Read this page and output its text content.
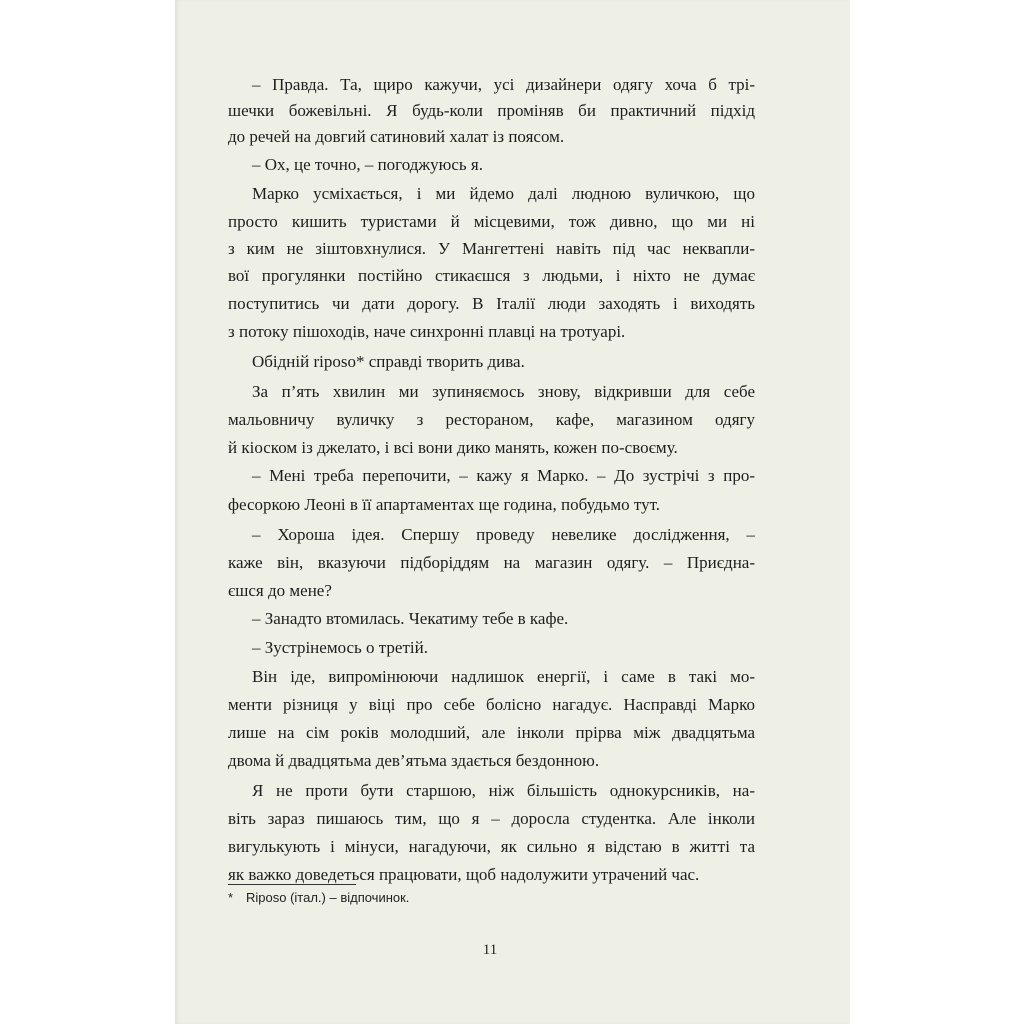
– Правда. Та, щиро кажучи, усі дизайнери одягу хоча б трі-
шечки божевільні. Я будь-коли проміняв би практичний підхід
до речей на довгий сатиновий халат із поясом.
– Ох, це точно, – погоджуюсь я.
Марко усміхається, і ми йдемо далі людною вуличкою, що
просто кишить туристами й місцевими, тож дивно, що ми ні
з ким не зіштовхнулися. У Мангеттені навіть під час неквапли-
вої прогулянки постійно стикаєшся з людьми, і ніхто не думає
поступитись чи дати дорогу. В Італії люди заходять і виходять
з потоку пішоходів, наче синхронні плавці на тротуарі.
Обідній riposo* справді творить дива.
За п’ять хвилин ми зупиняємось знову, відкривши для себе
мальовничу вуличку з рестораном, кафе, магазином одягу
й кіоском із джелато, і всі вони дико манять, кожен по-своєму.
– Мені треба перепочити, – кажу я Марко. – До зустрічі з про-
фесоркою Леоні в її апартаментах ще година, побудьмо тут.
– Хороша ідея. Спершу проведу невелике дослідження, –
каже він, вказуючи підборіддям на магазин одягу. – Приєдна-
єшся до мене?
– Занадто втомилась. Чекатиму тебе в кафе.
– Зустрінемось о третій.
Він іде, випромінюючи надлишок енергії, і саме в такі мо-
менти різниця у віці про себе болісно нагадує. Насправді Марко
лише на сім років молодший, але інколи прірва між двадцятьма
двома й двадцятьма дев’ятьма здається бездонною.
Я не проти бути старшою, ніж більшість однокурсників, на-
віть зараз пишаюсь тим, що я – доросла студентка. Але інколи
вигулькують і мінуси, нагадуючи, як сильно я відстаю в житті та
як важко доведеться працювати, щоб надолужити утрачений час.
* Riposo (італ.) – відпочинок.
11
